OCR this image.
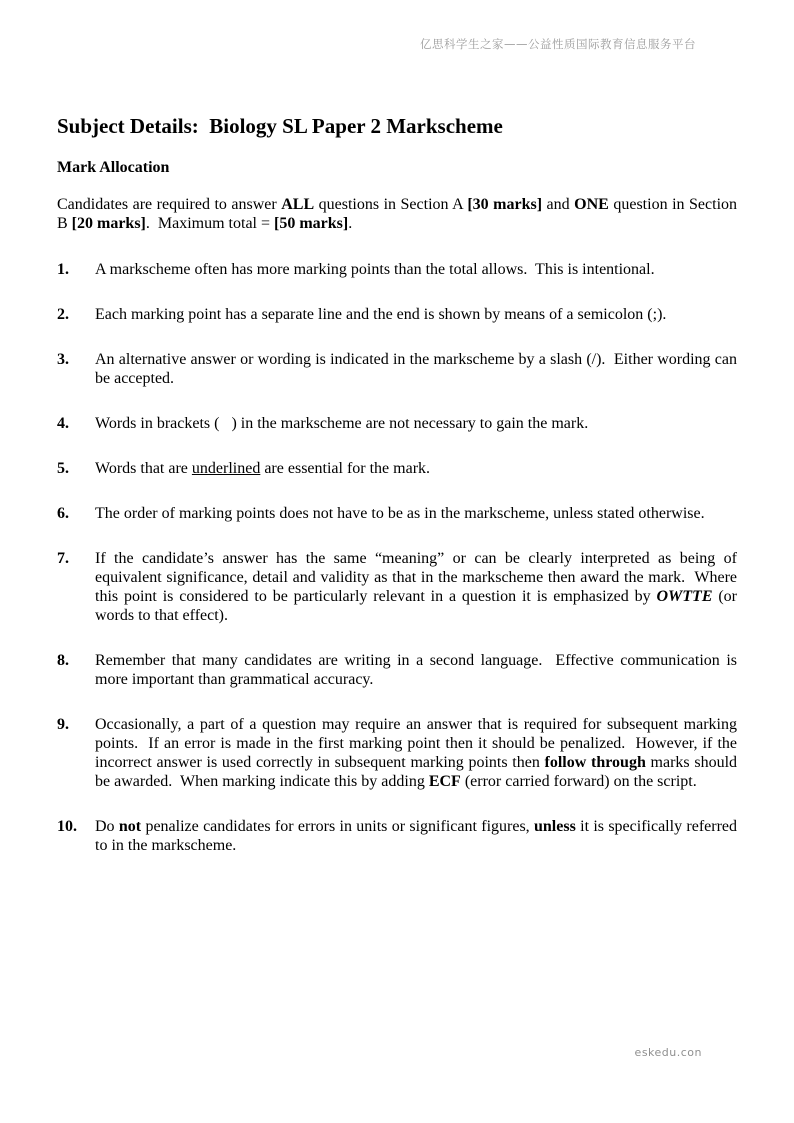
亿思科学生之家——公益性质国际教育信息服务平台
Subject Details:  Biology SL Paper 2 Markscheme
Mark Allocation

Candidates are required to answer ALL questions in Section A [30 marks] and ONE question in Section B [20 marks].  Maximum total = [50 marks].

1.	A markscheme often has more marking points than the total allows.  This is intentional.
2.	Each marking point has a separate line and the end is shown by means of a semicolon (;).
3.	An alternative answer or wording is indicated in the markscheme by a slash (/).  Either wording can be accepted.
4.	Words in brackets (   ) in the markscheme are not necessary to gain the mark.
5.	Words that are underlined are essential for the mark.
6.	The order of marking points does not have to be as in the markscheme, unless stated otherwise.
7.	If the candidate’s answer has the same “meaning” or can be clearly interpreted as being of equivalent significance, detail and validity as that in the markscheme then award the mark.  Where this point is considered to be particularly relevant in a question it is emphasized by OWTTE (or words to that effect).
8.	Remember that many candidates are writing in a second language.  Effective communication is more important than grammatical accuracy.
9.	Occasionally, a part of a question may require an answer that is required for subsequent marking points.  If an error is made in the first marking point then it should be penalized.  However, if the incorrect answer is used correctly in subsequent marking points then follow through marks should be awarded.  When marking indicate this by adding ECF (error carried forward) on the script.
10.	Do not penalize candidates for errors in units or significant figures, unless it is specifically referred to in the markscheme.
eskedu.con
